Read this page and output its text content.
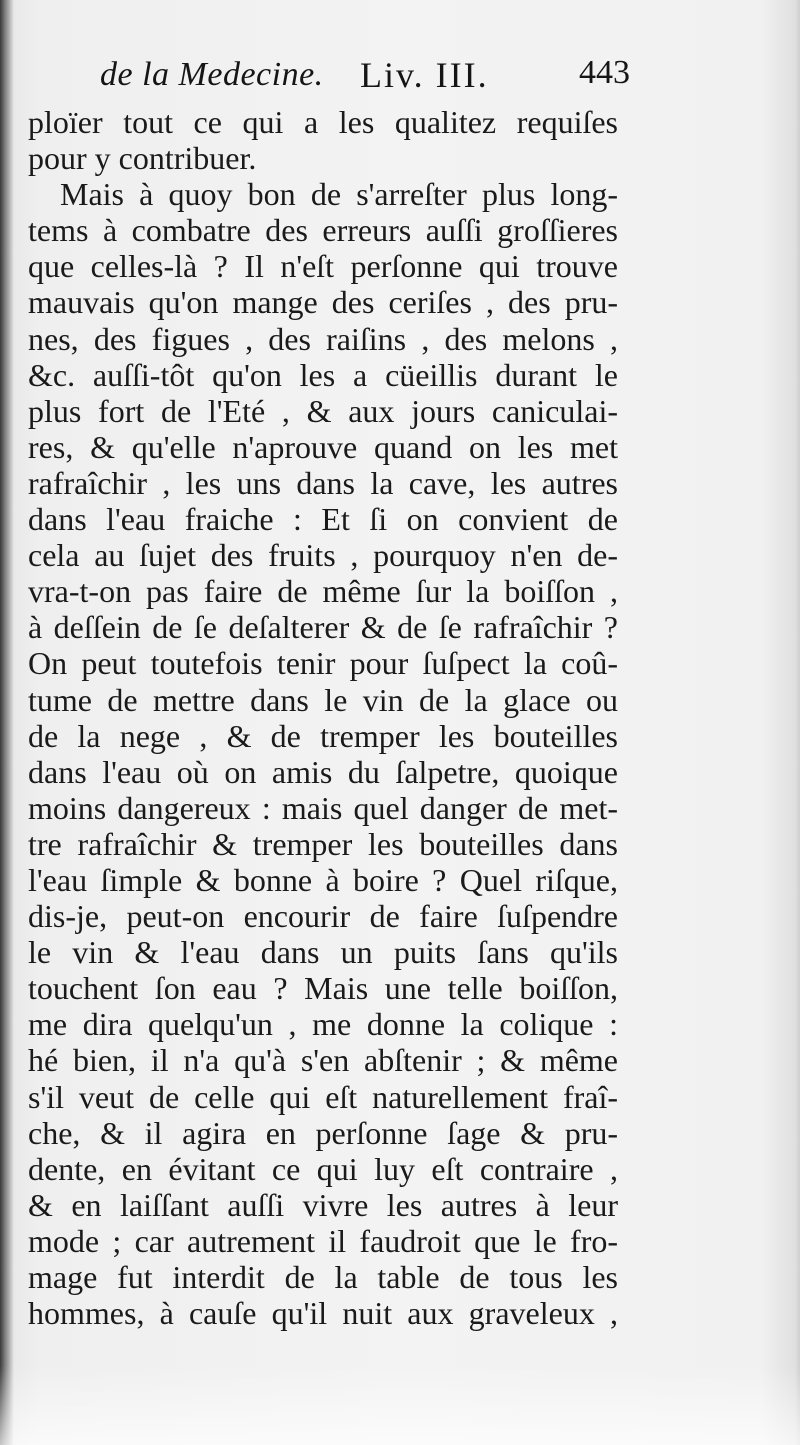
de la Medecine. Liv. III.	443
ploïer tout ce qui a les qualitez requiſes
pour y contribuer.
Mais à quoy bon de s'arreſter plus long-
tems à combatre des erreurs auſſi groſſieres
que celles-là ? Il n'eſt perſonne qui trouve
mauvais qu'on mange des ceriſes , des pru-
nes, des figues , des raiſins , des melons ,
&c. auſſi-tôt qu'on les a cüeillis durant le
plus fort de l'Eté , & aux jours caniculai-
res, & qu'elle n'aprouve quand on les met
rafraîchir , les uns dans la cave, les autres
dans l'eau fraiche : Et ſi on convient de
cela au ſujet des fruits , pourquoy n'en de-
vra-t-on pas faire de même ſur la boiſſon ,
à deſſein de ſe deſalterer & de ſe rafraîchir ?
On peut toutefois tenir pour ſuſpect la coû-
tume de mettre dans le vin de la glace ou
de la nege , & de tremper les bouteilles
dans l'eau où on amis du ſalpetre, quoique
moins dangereux : mais quel danger de met-
tre rafraîchir & tremper les bouteilles dans
l'eau ſimple & bonne à boire ? Quel riſque,
dis-je, peut-on encourir de faire ſuſpendre
le vin & l'eau dans un puits ſans qu'ils
touchent ſon eau ? Mais une telle boiſſon,
me dira quelqu'un , me donne la colique :
hé bien, il n'a qu'à s'en abſtenir ; & même
s'il veut de celle qui eſt naturellement fraî-
che, & il agira en perſonne ſage & pru-
dente, en évitant ce qui luy eſt contraire ,
& en laiſſant auſſi vivre les autres à leur
mode ; car autrement il faudroit que le fro-
mage fut interdit de la table de tous les
hommes, à cauſe qu'il nuit aux graveleux ,
